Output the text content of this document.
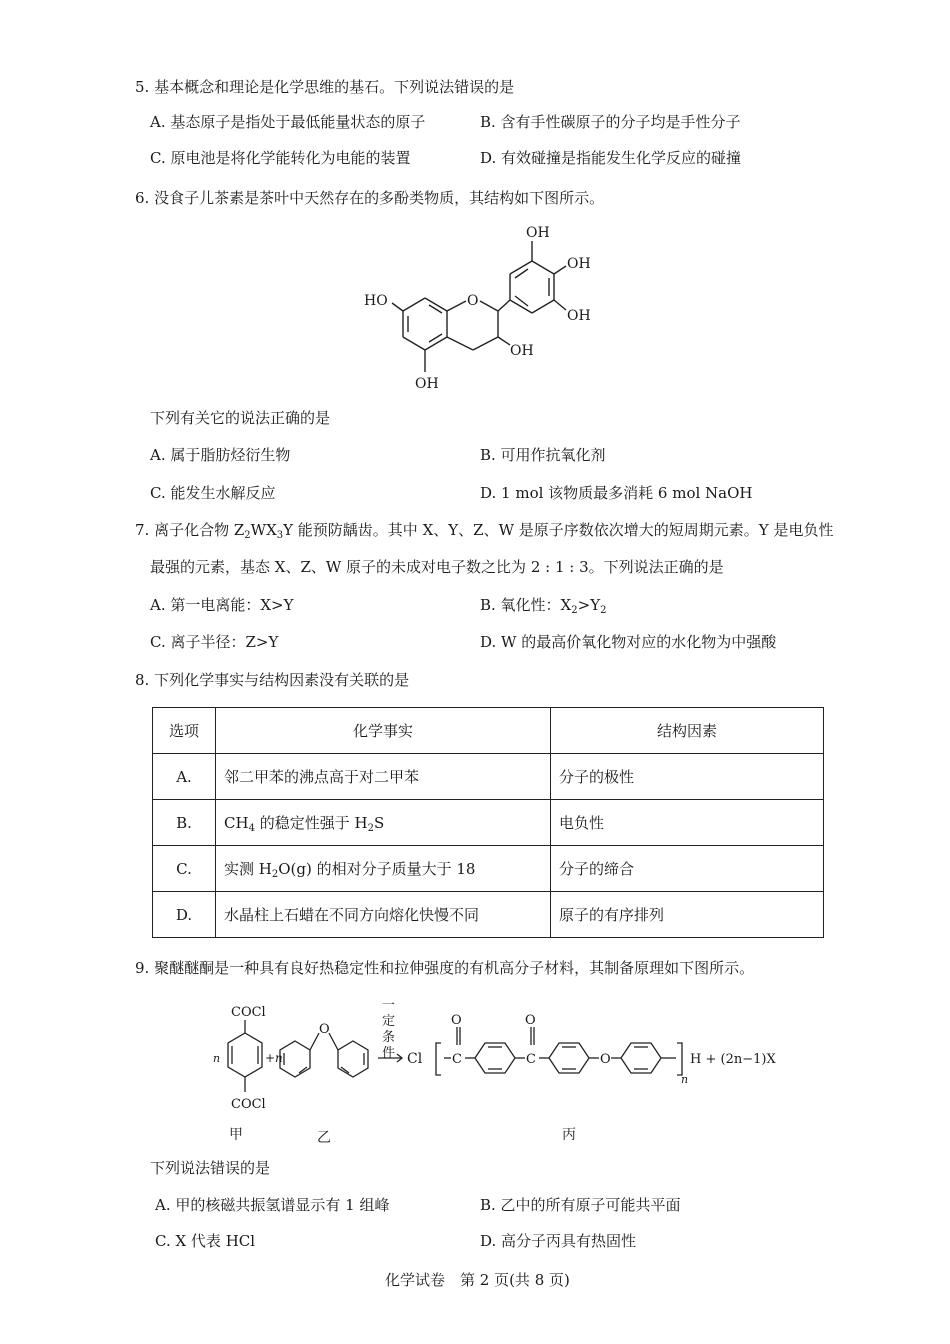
5. 基本概念和理论是化学思维的基石。下列说法错误的是
A. 基态原子是指处于最低能量状态的原子	B. 含有手性碳原子的分子均是手性分子
C. 原电池是将化学能转化为电能的装置	D. 有效碰撞是指能发生化学反应的碰撞
6. 没食子儿茶素是茶叶中天然存在的多酚类物质，其结构如下图所示。
OH
OH
OH
OH
OH
HO	O
下列有关它的说法正确的是
A. 属于脂肪烃衍生物	B. 可用作抗氧化剂
C. 能发生水解反应	D. 1 mol 该物质最多消耗 6 mol NaOH
7. 离子化合物 $Z_2WX_3Y$ 能预防龋齿。其中 X、Y、Z、W 是原子序数依次增大的短周期元素。Y 是电负性
最强的元素，基态 X、Z、W 原子的未成对电子数之比为 2 : 1 : 3。下列说法正确的是
A. 第一电离能：X>Y	B. 氧化性：$X_2>Y_2$
C. 离子半径：Z>Y	D. W 的最高价氧化物对应的水化物为中强酸
8. 下列化学事实与结构因素没有关联的是
选项	化学事实	结构因素
A.	邻二甲苯的沸点高于对二甲苯	分子的极性
B.	$CH_4$ 的稳定性强于 $H_2S$	电负性
C.	实测 $H_2O(g)$ 的相对分子质量大于 18	分子的缔合
D.	水晶柱上石蜡在不同方向熔化快慢不同	原子的有序排列
9. 聚醚醚酮是一种具有良好热稳定性和拉伸强度的有机高分子材料，其制备原理如下图所示。
COCl
COCl
n	+n
O
一
定
条
件 Cl
O
C
O
C	O
n
H + (2n−1)X
甲	乙	丙
下列说法错误的是
A. 甲的核磁共振氢谱显示有 1 组峰	B. 乙中的所有原子可能共平面
C. X 代表 HCl	D. 高分子丙具有热固性
化学试卷　第 2 页(共 8 页)
